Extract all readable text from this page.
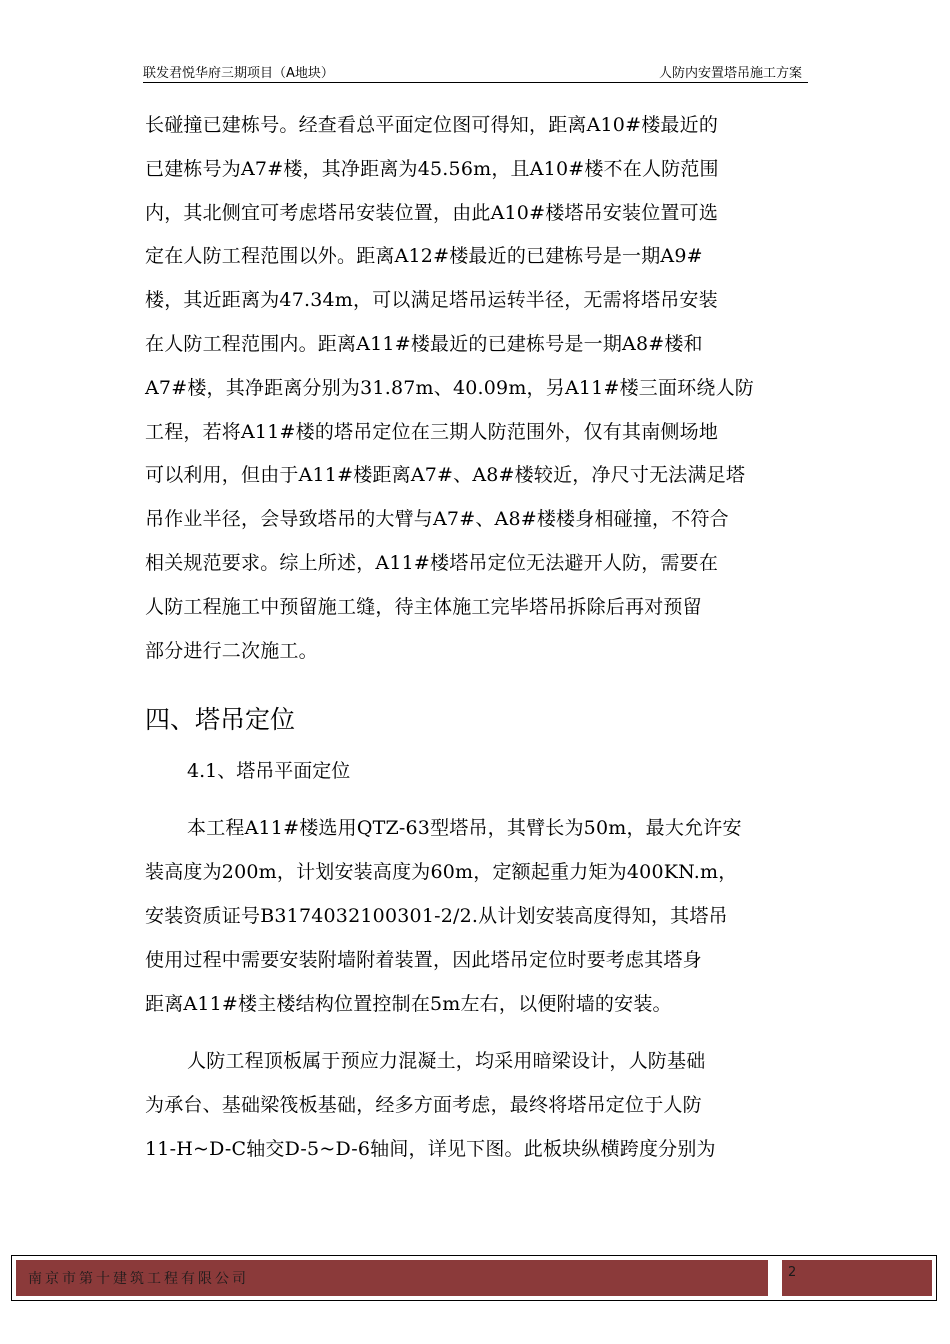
联发君悦华府三期项目（A地块）	人防内安置塔吊施工方案

长碰撞已建栋号。经查看总平面定位图可得知，距离A10#楼最近的

已建栋号为A7#楼，其净距离为45.56m，且A10#楼不在人防范围

内，其北侧宜可考虑塔吊安装位置，由此A10#楼塔吊安装位置可选

定在人防工程范围以外。距离A12#楼最近的已建栋号是一期A9#

楼，其近距离为47.34m，可以满足塔吊运转半径，无需将塔吊安装

在人防工程范围内。距离A11#楼最近的已建栋号是一期A8#楼和

A7#楼，其净距离分别为31.87m、40.09m，另A11#楼三面环绕人防

工程，若将A11#楼的塔吊定位在三期人防范围外，仅有其南侧场地

可以利用，但由于A11#楼距离A7#、A8#楼较近，净尺寸无法满足塔

吊作业半径，会导致塔吊的大臂与A7#、A8#楼楼身相碰撞，不符合

相关规范要求。综上所述，A11#楼塔吊定位无法避开人防，需要在

人防工程施工中预留施工缝，待主体施工完毕塔吊拆除后再对预留

部分进行二次施工。

四、塔吊定位
4.1、塔吊平面定位

本工程A11#楼选用QTZ-63型塔吊，其臂长为50m，最大允许安

装高度为200m，计划安装高度为60m，定额起重力矩为400KN.m，

安装资质证号B3174032100301-2/2.从计划安装高度得知，其塔吊

使用过程中需要安装附墙附着装置，因此塔吊定位时要考虑其塔身

距离A11#楼主楼结构位置控制在5m左右，以便附墙的安装。

人防工程顶板属于预应力混凝土，均采用暗梁设计，人防基础

为承台、基础梁筏板基础，经多方面考虑，最终将塔吊定位于人防

11-H~D-C轴交D-5~D-6轴间，详见下图。此板块纵横跨度分别为

南京市第十建筑工程有限公司	2
